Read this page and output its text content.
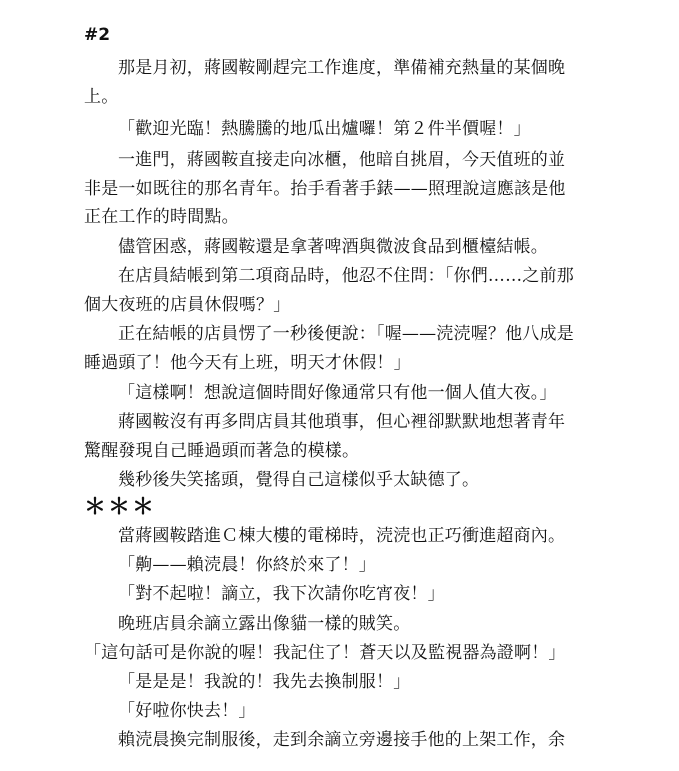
#2
那是月初，蔣國鞍剛趕完工作進度，準備補充熱量的某個晚
上。
「歡迎光臨！熱騰騰的地瓜出爐囉！第２件半價喔！」
一進門，蔣國鞍直接走向冰櫃，他暗自挑眉，今天值班的並
非是一如既往的那名青年。抬手看著手錶——照理說這應該是他
正在工作的時間點。
儘管困惑，蔣國鞍還是拿著啤酒與微波食品到櫃檯結帳。
在店員結帳到第二項商品時，他忍不住問：「你們……之前那
個大夜班的店員休假嗎？」
正在結帳的店員愣了一秒後便說：「喔——涜涜喔？他八成是
睡過頭了！他今天有上班，明天才休假！」
「這樣啊！想說這個時間好像通常只有他一個人值大夜。」
蔣國鞍沒有再多問店員其他瑣事，但心裡卻默默地想著青年
驚醒發現自己睡過頭而著急的模樣。
幾秒後失笑搖頭，覺得自己這樣似乎太缺德了。
＊＊＊
當蔣國鞍踏進Ｃ棟大樓的電梯時，涜涜也正巧衝進超商內。
「齁——賴涜晨！你終於來了！」
「對不起啦！謫立，我下次請你吃宵夜！」
晚班店員余謫立露出像貓一樣的賊笑。
「這句話可是你說的喔！我記住了！蒼天以及監視器為證啊！」
「是是是！我說的！我先去換制服！」
「好啦你快去！」
賴涜晨換完制服後，走到余謫立旁邊接手他的上架工作，余
